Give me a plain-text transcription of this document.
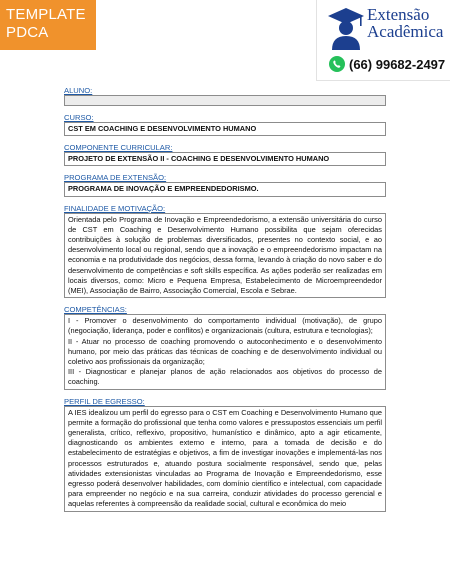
TEMPLATE
PDCA
Extensão
Acadêmica
(66) 99682-2497
ALUNO:
CURSO:
CST EM COACHING E DESENVOLVIMENTO HUMANO
COMPONENTE CURRICULAR:
PROJETO DE EXTENSÃO II - COACHING E DESENVOLVIMENTO HUMANO
PROGRAMA DE EXTENSÃO:
PROGRAMA DE INOVAÇÃO E EMPREENDEDORISMO.
FINALIDADE E MOTIVAÇÃO:
Orientada pelo Programa de Inovação e Empreendedorismo, a extensão universitária do curso de CST em Coaching e Desenvolvimento Humano possibilita que sejam oferecidas contribuições à solução de problemas diversificados, presentes no contexto social, e ao desenvolvimento local ou regional, sendo que a inovação e o empreendedorismo impactam na economia e na produtividade dos negócios, dessa forma, levando à criação do novo saber e do desenvolvimento de competências e soft skills específica. As ações poderão ser realizadas em locais diversos, como: Micro e Pequena Empresa, Estabelecimento de Microempreendedor (MEI), Associação de Bairro, Associação Comercial, Escola e Sebrae.
COMPETÊNCIAS:
I - Promover o desenvolvimento do comportamento individual (motivação), de grupo (negociação, liderança, poder e conflitos) e organizacionais (cultura, estrutura e tecnologias);
II - Atuar no processo de coaching promovendo o autoconhecimento e o desenvolvimento humano, por meio das práticas das técnicas de coaching e de desenvolvimento individual ou coletivo aos profissionais da organização;
III - Diagnosticar e planejar planos de ação relacionados aos objetivos do processo de coaching.
PERFIL DE EGRESSO:
A IES idealizou um perfil do egresso para o CST em Coaching e Desenvolvimento Humano que permite a formação do profissional que tenha como valores e pressupostos essenciais um perfil generalista, crítico, reflexivo, propositivo, humanístico e dinâmico, apto a agir eticamente, diagnosticando os ambientes externo e interno, para a tomada de decisão e do estabelecimento de estratégias e objetivos, a fim de investigar inovações e implementá-las nos processos estruturados e, atuando postura socialmente responsável, sendo que, pelas atividades extensionistas vinculadas ao Programa de Inovação e Empreendedorismo, esse egresso poderá desenvolver habilidades, com domínio científico e intelectual, com capacidade para empreender no negócio e na sua carreira, conduzir atividades do processo gerencial e aquelas referentes à compreensão da realidade social, cultural e econômica do meio
